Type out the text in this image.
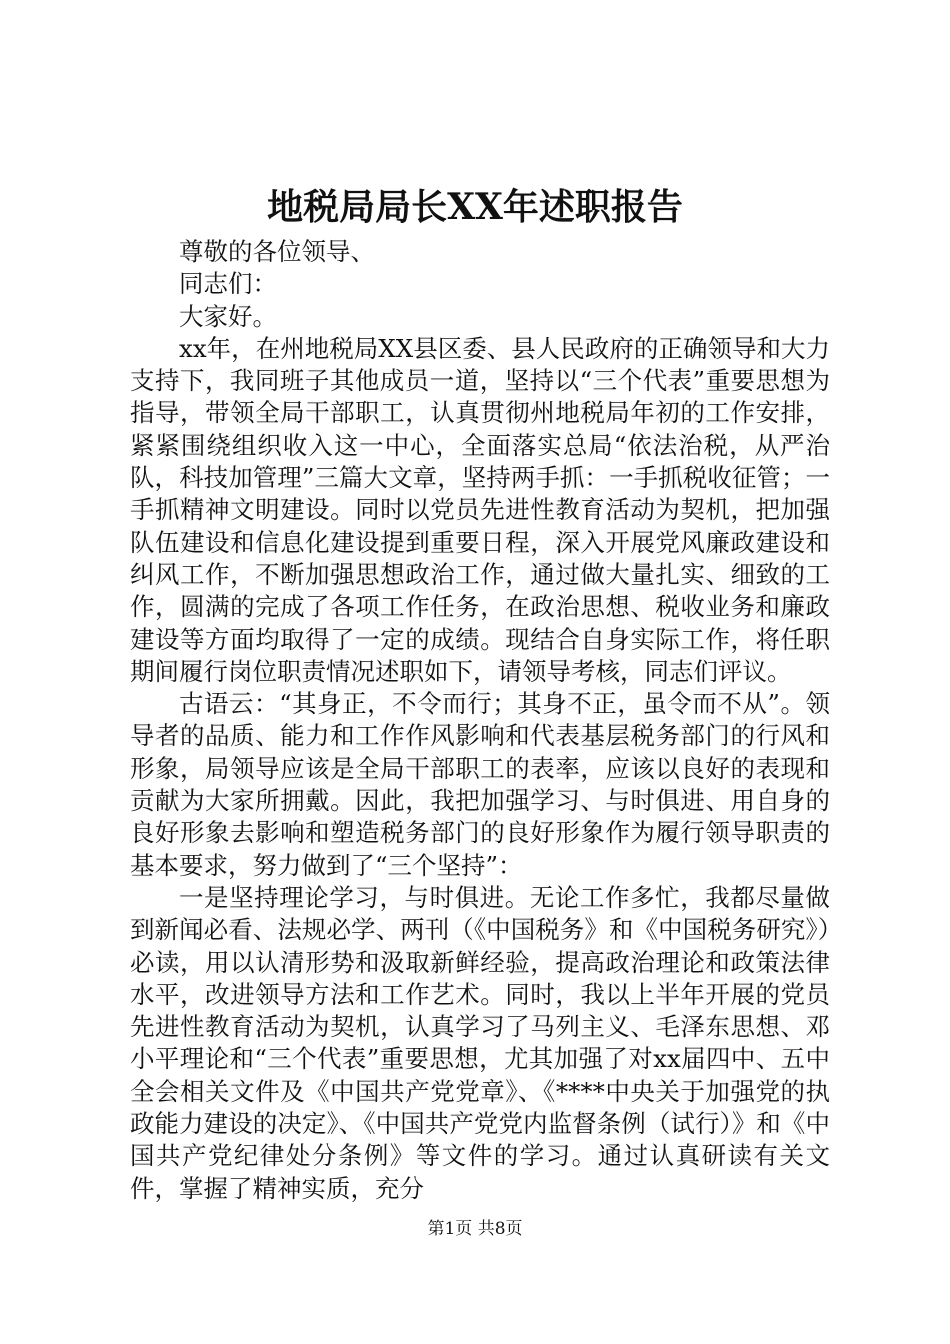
地税局局长XX年述职报告

尊敬的各位领导、

同志们：

大家好。

xx年，在州地税局XX县区委、县人民政府的正确领导和大力支持下，我同班子其他成员一道，坚持以“三个代表”重要思想为指导，带领全局干部职工，认真贯彻州地税局年初的工作安排，紧紧围绕组织收入这一中心，全面落实总局“依法治税，从严治队，科技加管理”三篇大文章，坚持两手抓：一手抓税收征管；一手抓精神文明建设。同时以党员先进性教育活动为契机，把加强队伍建设和信息化建设提到重要日程，深入开展党风廉政建设和纠风工作，不断加强思想政治工作，通过做大量扎实、细致的工作，圆满的完成了各项工作任务，在政治思想、税收业务和廉政建设等方面均取得了一定的成绩。现结合自身实际工作，将任职期间履行岗位职责情况述职如下，请领导考核，同志们评议。

古语云：“其身正，不令而行；其身不正，虽令而不从”。领导者的品质、能力和工作作风影响和代表基层税务部门的行风和形象，局领导应该是全局干部职工的表率，应该以良好的表现和贡献为大家所拥戴。因此，我把加强学习、与时俱进、用自身的良好形象去影响和塑造税务部门的良好形象作为履行领导职责的基本要求，努力做到了“三个坚持”：

一是坚持理论学习，与时俱进。无论工作多忙，我都尽量做到新闻必看、法规必学、两刊（《中国税务》和《中国税务研究》）必读，用以认清形势和汲取新鲜经验，提高政治理论和政策法律水平，改进领导方法和工作艺术。同时，我以上半年开展的党员先进性教育活动为契机，认真学习了马列主义、毛泽东思想、邓小平理论和“三个代表”重要思想，尤其加强了对xx届四中、五中全会相关文件及《中国共产党党章》、《****中央关于加强党的执政能力建设的决定》、《中国共产党党内监督条例（试行）》和《中国共产党纪律处分条例》等文件的学习。通过认真研读有关文件，掌握了精神实质，充分

第1页 共8页
